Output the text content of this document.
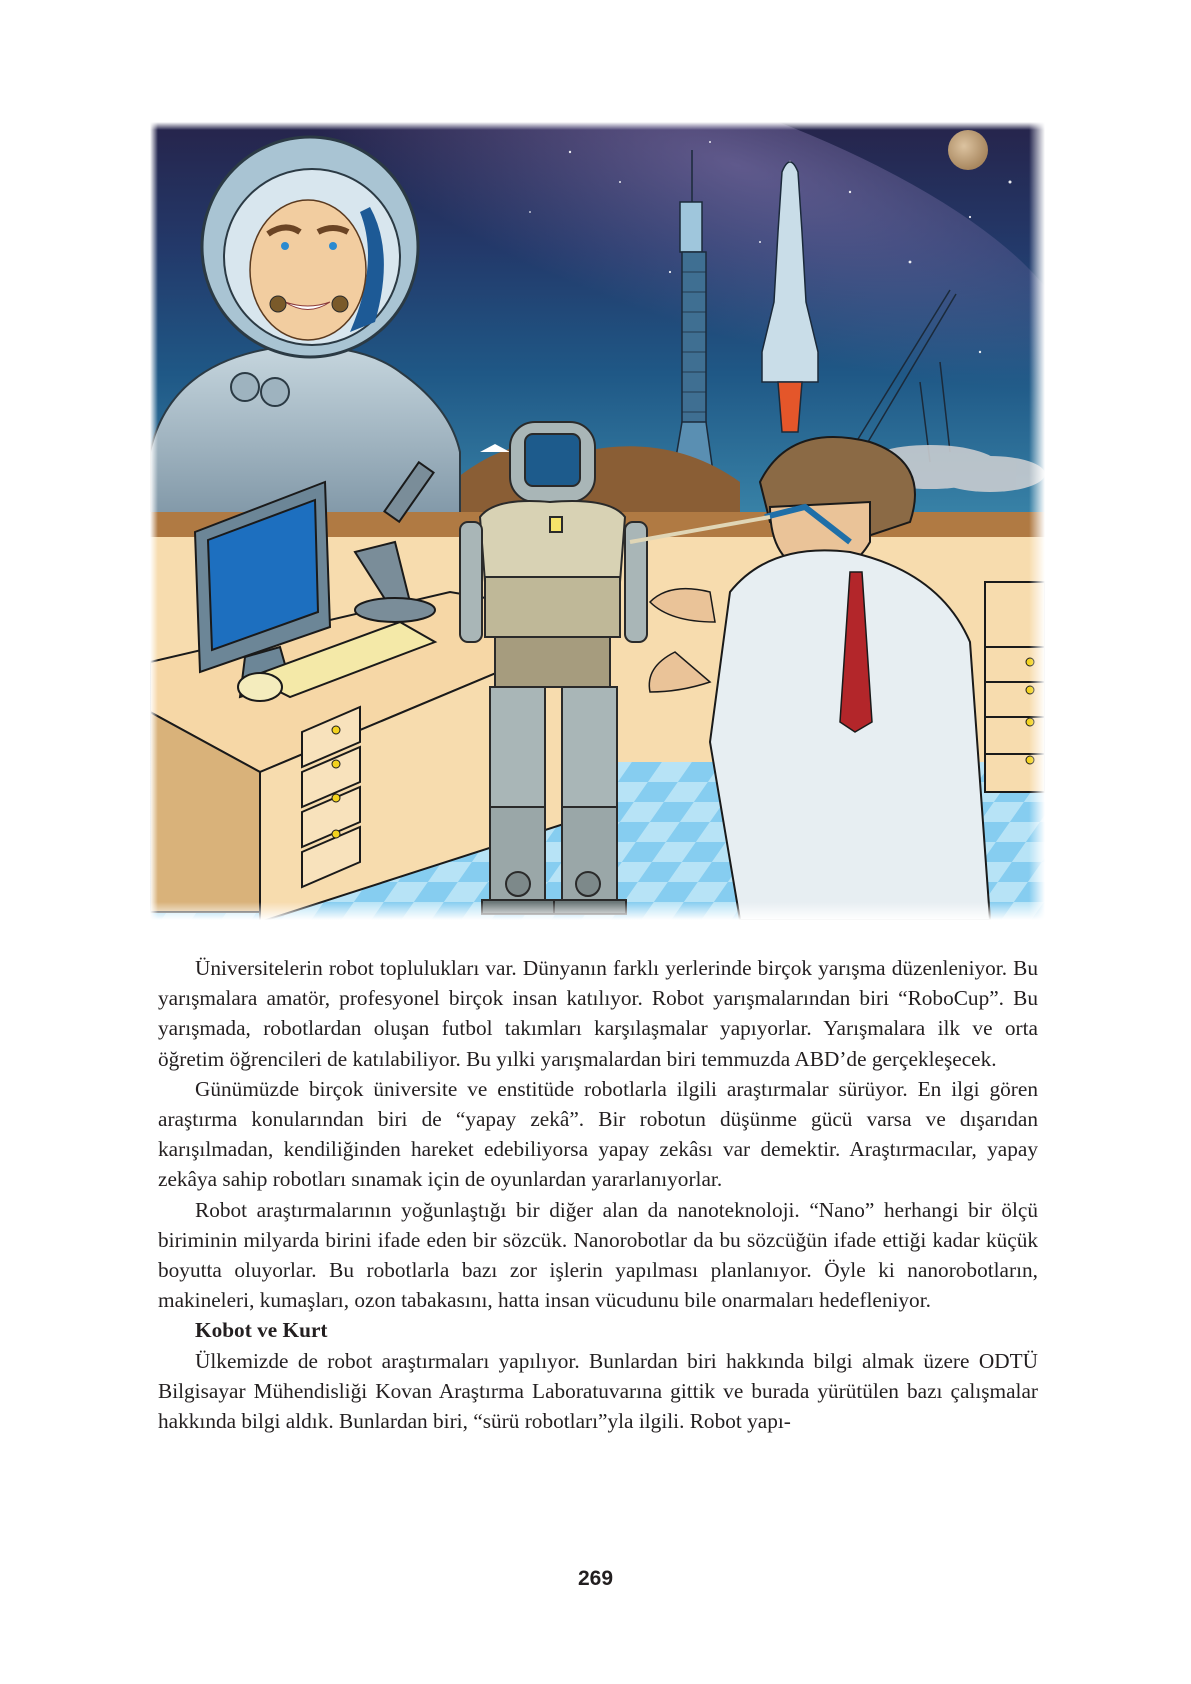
Üniversitelerin robot toplulukları var. Dünyanın farklı yerlerinde birçok yarışma düzenleniyor. Bu yarışmalara amatör, profesyonel birçok insan katılıyor. Robot yarışmalarından biri “RoboCup”. Bu yarışmada, robotlardan oluşan futbol takımları karşılaşmalar yapıyorlar. Yarışmalara ilk ve orta öğretim öğrencileri de katılabiliyor. Bu yılki yarışmalardan biri temmuzda ABD’de gerçekleşecek.

Günümüzde birçok üniversite ve enstitüde robotlarla ilgili araştırmalar sürüyor. En ilgi gören araştırma konularından biri de “yapay zekâ”. Bir robotun düşünme gücü varsa ve dışarıdan karışılmadan, kendiliğinden hareket edebiliyorsa yapay zekâsı var demektir. Araştırmacılar, yapay zekâya sahip robotları sınamak için de oyunlardan yararlanıyorlar.

Robot araştırmalarının yoğunlaştığı bir diğer alan da nanoteknoloji. “Nano” herhangi bir ölçü biriminin milyarda birini ifade eden bir sözcük. Nanorobotlar da bu sözcüğün ifade ettiği kadar küçük boyutta oluyorlar. Bu robotlarla bazı zor işlerin yapılması planlanıyor. Öyle ki nanorobotların, makineleri, kumaşları, ozon tabakasını, hatta insan vücudunu bile onarmaları hedefleniyor.

Kobot ve Kurt

Ülkemizde de robot araştırmaları yapılıyor. Bunlardan biri hakkında bilgi almak üzere ODTÜ Bilgisayar Mühendisliği Kovan Araştırma Laboratuvarına gittik ve burada yürütülen bazı çalışmalar hakkında bilgi aldık. Bunlardan biri, “sürü robotları”yla ilgili. Robot yapı-

269
